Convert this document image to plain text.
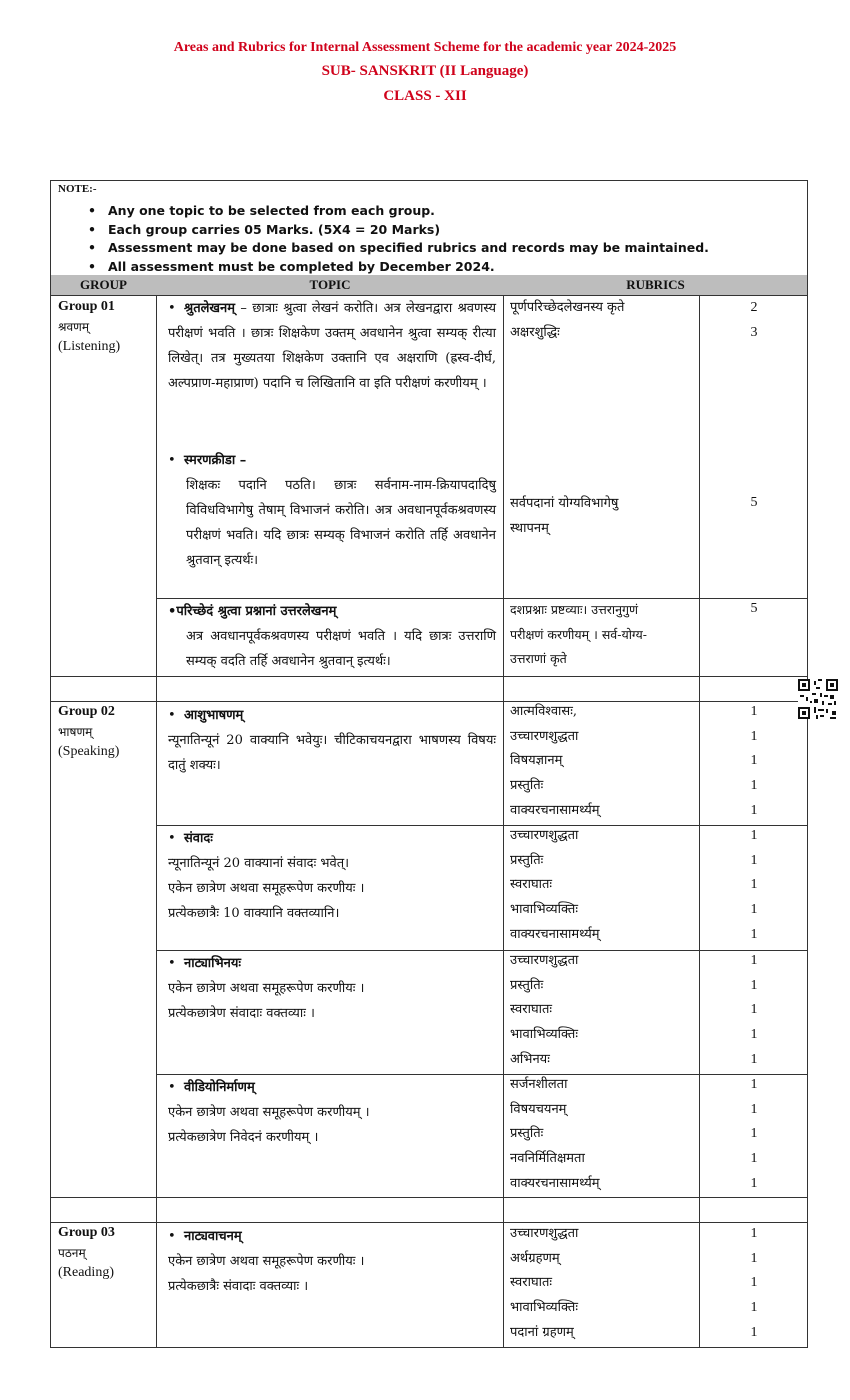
Areas and Rubrics for Internal Assessment Scheme for the academic year 2024-2025
SUB- SANSKRIT (II Language)
CLASS - XII
NOTE:-
• Any one topic to be selected from each group.
• Each group carries 05 Marks. (5X4 = 20 Marks)
• Assessment may be done based on specified rubrics and records may be maintained.
• All assessment must be completed by December 2024.
GROUP	TOPIC	RUBRICS
Group 01
श्रवणम्
(Listening)
• श्रुतलेखनम् – छात्राः श्रुत्वा लेखनं करोति। अत्र लेखनद्वारा श्रवणस्य परीक्षणं भवति । छात्रः शिक्षकेण उक्तम् अवधानेन श्रुत्वा सम्यक् रीत्या लिखेत्। तत्र मुख्यतया शिक्षकेण उक्तानि एव अक्षराणि (ह्रस्व-दीर्घ, अल्पप्राण-महाप्राण) पदानि च लिखितानि वा इति परीक्षणं करणीयम् ।
• स्मरणक्रीडा –
शिक्षकः पदानि पठति। छात्रः सर्वनाम-नाम-क्रियापदादिषु विविधविभागेषु तेषाम् विभाजनं करोति। अत्र अवधानपूर्वकश्रवणस्य परीक्षणं भवति। यदि छात्रः सम्यक् विभाजनं करोति तर्हि अवधानेन श्रुतवान् इत्यर्थः।
पूर्णपरिच्छेदलेखनस्य कृते
अक्षरशुद्धिः
सर्वपदानां योग्यविभागेषु
स्थापनम्
2
3
5
•परिच्छेदं श्रुत्वा प्रश्नानां उत्तरलेखनम्
अत्र अवधानपूर्वकश्रवणस्य परीक्षणं भवति । यदि छात्रः उत्तराणि सम्यक् वदति तर्हि अवधानेन श्रुतवान् इत्यर्थः।
दशप्रश्नाः प्रष्टव्याः। उत्तरानुगुणं
परीक्षणं करणीयम् । सर्व-योग्य-
उत्तराणां कृते
5
Group 02
भाषणम्
(Speaking)
• आशुभाषणम्
न्यूनातिन्यूनं 20 वाक्यानि भवेयुः। चीटिकाचयनद्वारा भाषणस्य विषयः दातुं शक्यः।
आत्मविश्वासः,
उच्चारणशुद्धता
विषयज्ञानम्
प्रस्तुतिः
वाक्यरचनासामर्थ्यम्
1
1
1
1
1
• संवादः
न्यूनातिन्यूनं 20 वाक्यानां संवादः भवेत्।
एकेन छात्रेण अथवा समूहरूपेण करणीयः ।
प्रत्येकछात्रैः 10 वाक्यानि वक्तव्यानि।
उच्चारणशुद्धता
प्रस्तुतिः
स्वराघातः
भावाभिव्यक्तिः
वाक्यरचनासामर्थ्यम्
1
1
1
1
1
• नाट्याभिनयः
एकेन छात्रेण अथवा समूहरूपेण करणीयः ।
प्रत्येकछात्रेण संवादाः वक्तव्याः ।
उच्चारणशुद्धता
प्रस्तुतिः
स्वराघातः
भावाभिव्यक्तिः
अभिनयः
1
1
1
1
1
• वीडियोनिर्माणम्
एकेन छात्रेण अथवा समूहरूपेण करणीयम् ।
प्रत्येकछात्रेण निवेदनं करणीयम् ।
सर्जनशीलता
विषयचयनम्
प्रस्तुतिः
नवनिर्मितिक्षमता
वाक्यरचनासामर्थ्यम्
1
1
1
1
1
Group 03
पठनम्
(Reading)
• नाट्यवाचनम्
एकेन छात्रेण अथवा समूहरूपेण करणीयः ।
प्रत्येकछात्रैः संवादाः वक्तव्याः ।
उच्चारणशुद्धता
अर्थग्रहणम्
स्वराघातः
भावाभिव्यक्तिः
पदानां ग्रहणम्
1
1
1
1
1
